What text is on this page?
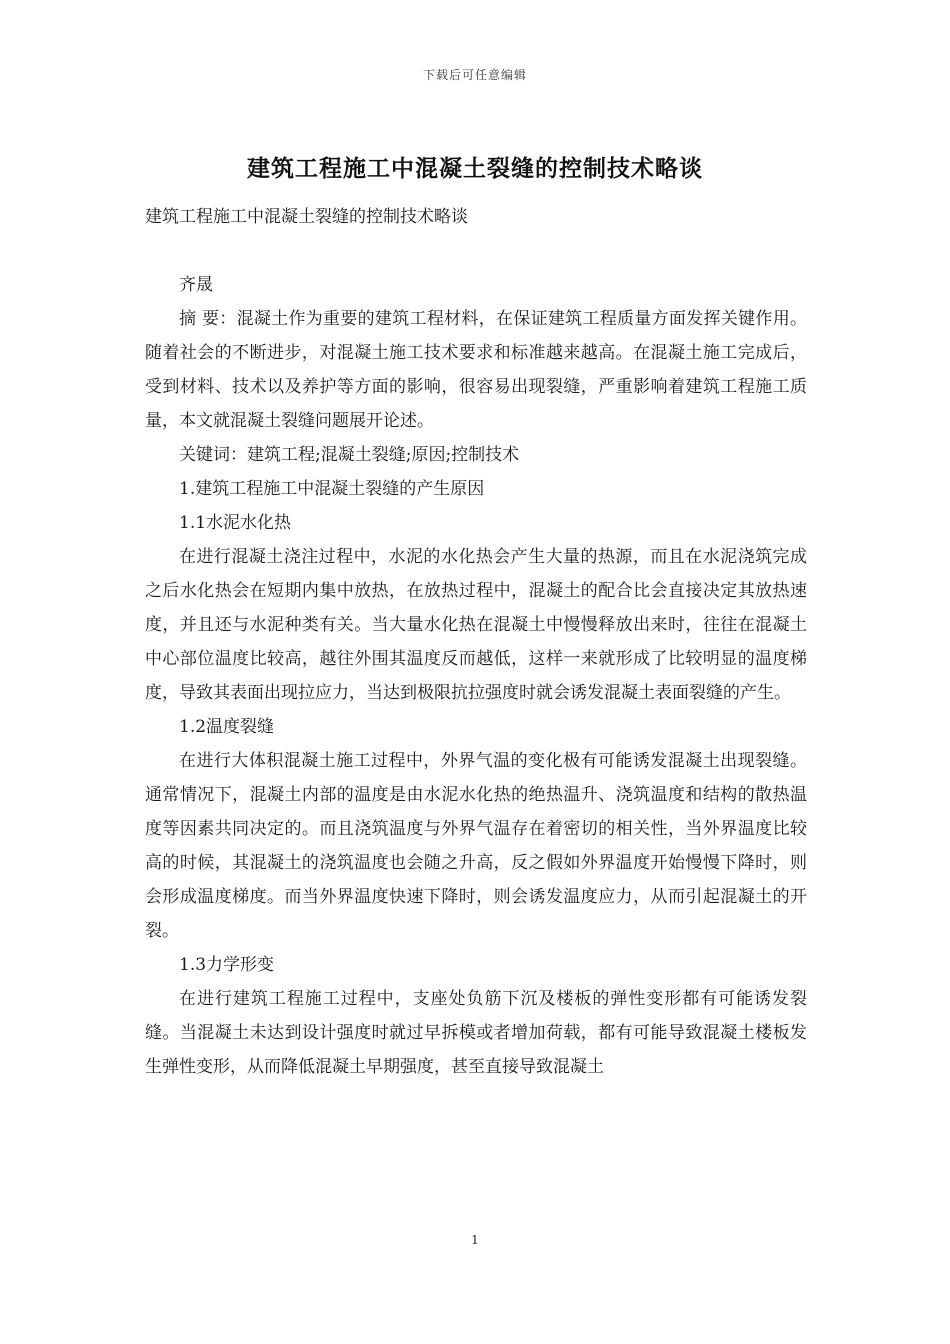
下载后可任意编辑
建筑工程施工中混凝土裂缝的控制技术略谈

建筑工程施工中混凝土裂缝的控制技术略谈

齐晟

摘 要：混凝土作为重要的建筑工程材料，在保证建筑工程质量方面发挥关键作用。随着社会的不断进步，对混凝土施工技术要求和标准越来越高。在混凝土施工完成后，受到材料、技术以及养护等方面的影响，很容易出现裂缝，严重影响着建筑工程施工质量，本文就混凝土裂缝问题展开论述。

关键词：建筑工程;混凝土裂缝;原因;控制技术

1.建筑工程施工中混凝土裂缝的产生原因

1.1水泥水化热

在进行混凝土浇注过程中，水泥的水化热会产生大量的热源，而且在水泥浇筑完成之后水化热会在短期内集中放热，在放热过程中，混凝土的配合比会直接决定其放热速度，并且还与水泥种类有关。当大量水化热在混凝土中慢慢释放出来时，往往在混凝土中心部位温度比较高，越往外围其温度反而越低，这样一来就形成了比较明显的温度梯度，导致其表面出现拉应力，当达到极限抗拉强度时就会诱发混凝土表面裂缝的产生。

1.2温度裂缝

在进行大体积混凝土施工过程中，外界气温的变化极有可能诱发混凝土出现裂缝。通常情况下，混凝土内部的温度是由水泥水化热的绝热温升、浇筑温度和结构的散热温度等因素共同决定的。而且浇筑温度与外界气温存在着密切的相关性，当外界温度比较高的时候，其混凝土的浇筑温度也会随之升高，反之假如外界温度开始慢慢下降时，则会形成温度梯度。而当外界温度快速下降时，则会诱发温度应力，从而引起混凝土的开裂。

1.3力学形变

在进行建筑工程施工过程中，支座处负筋下沉及楼板的弹性变形都有可能诱发裂缝。当混凝土未达到设计强度时就过早拆模或者增加荷载，都有可能导致混凝土楼板发生弹性变形，从而降低混凝土早期强度，甚至直接导致混凝土

1
